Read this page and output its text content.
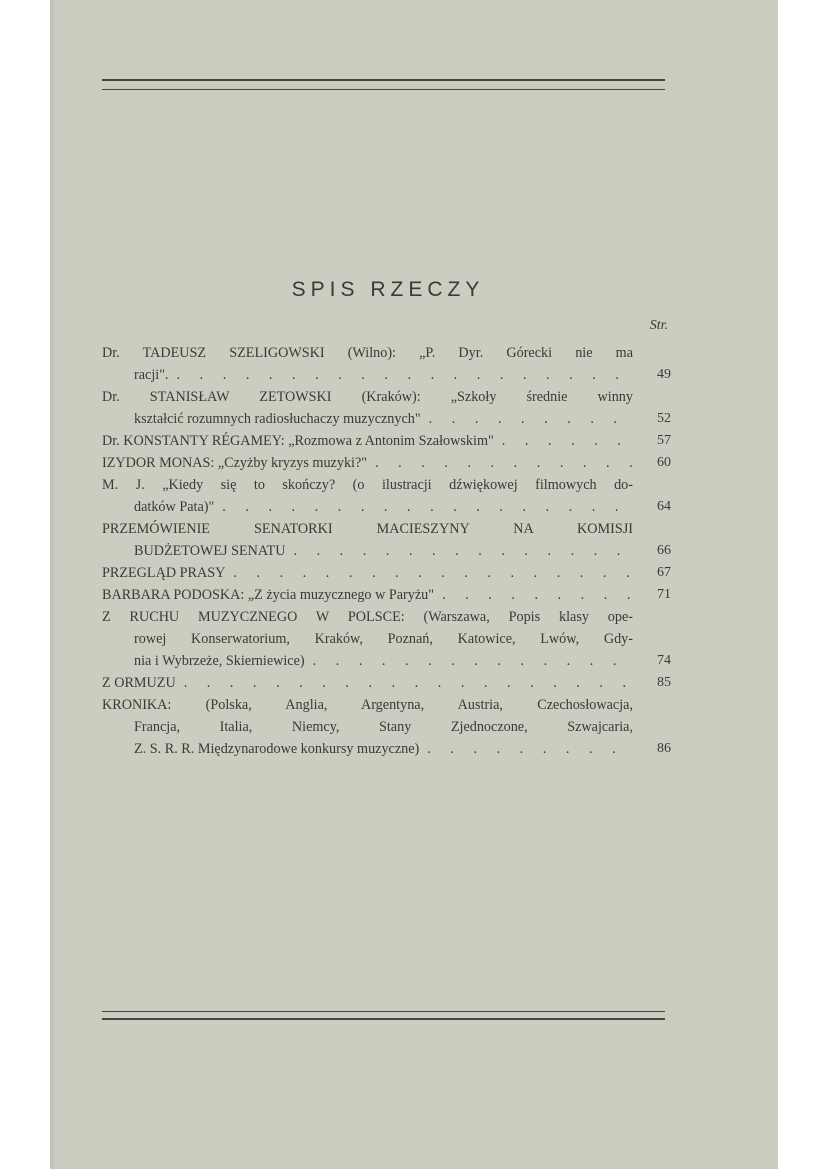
SPIS RZECZY
Str.
Dr. TADEUSZ SZELIGOWSKI (Wilno): „P. Dyr. Górecki nie ma
racji". . . .	49
Dr. STANISŁAW ZETOWSKI (Kraków): „Szkoły średnie winny
kształcić rozumnych radiosłuchaczy muzycznych" . . .	52
Dr. KONSTANTY RÉGAMEY: „Rozmowa z Antonim Szałowskim" . . .	57
IZYDOR MONAS: „Czyżby kryzys muzyki?" . . .	60
M. J. „Kiedy się to skończy? (o ilustracji dźwiękowej filmowych do-
datków Pata)" . . .	64
PRZEMÓWIENIE SENATORKI MACIESZYNY NA KOMISJI
BUDŻETOWEJ SENATU . . .	66
PRZEGLĄD PRASY . . .	67
BARBARA PODOSKA: „Z życia muzycznego w Paryżu" . . .	71
Z RUCHU MUZYCZNEGO W POLSCE: (Warszawa, Popis klasy ope-
rowej Konserwatorium, Kraków, Poznań, Katowice, Lwów, Gdy-
nia i Wybrzeże, Skierniewice) . . .	74
Z ORMUZU . . .	85
KRONIKA: (Polska, Anglia, Argentyna, Austria, Czechosłowacja,
Francja, Italia, Niemcy, Stany Zjednoczone, Szwajcaria,
Z. S. R. R. Międzynarodowe konkursy muzyczne) . . .	86
